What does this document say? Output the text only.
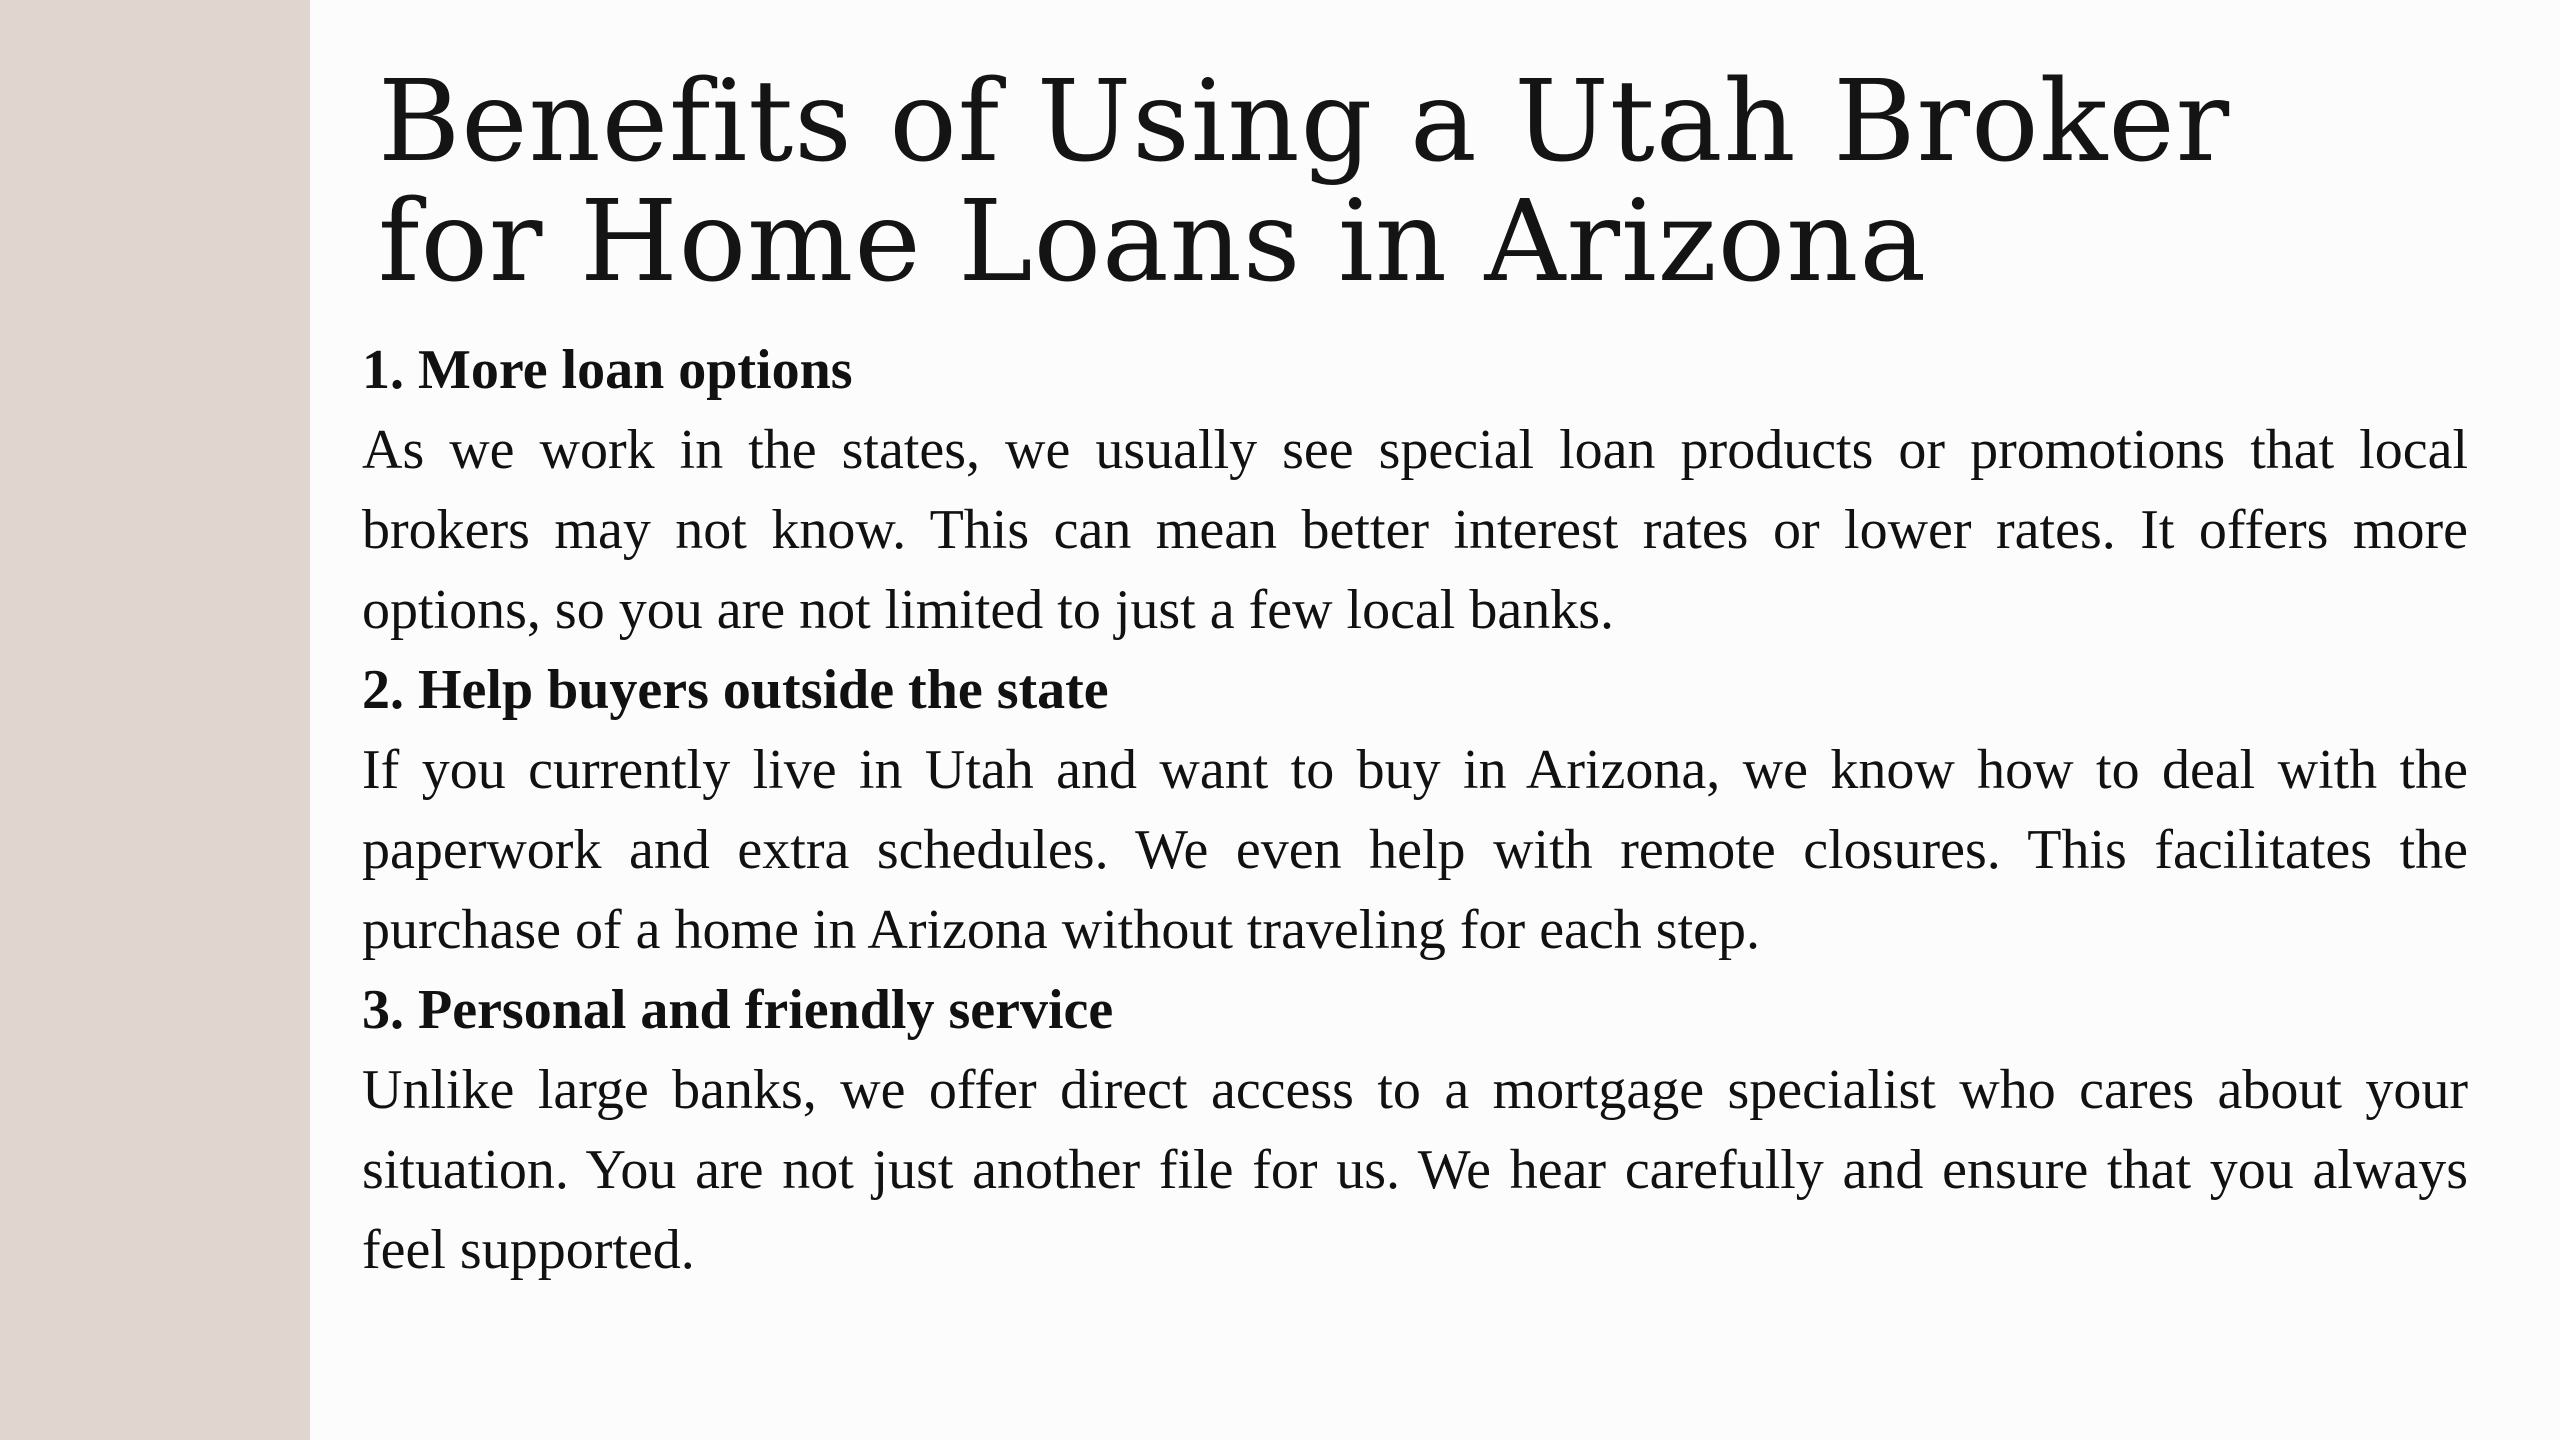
Benefits of Using a Utah Broker
for Home Loans in Arizona
1. More loan options

As we work in the states, we usually see special loan products or promotions that local brokers may not know. This can mean better interest rates or lower rates. It offers more options, so you are not limited to just a few local banks.

2. Help buyers outside the state

If you currently live in Utah and want to buy in Arizona, we know how to deal with the paperwork and extra schedules. We even help with remote closures. This facilitates the purchase of a home in Arizona without traveling for each step.

3. Personal and friendly service

Unlike large banks, we offer direct access to a mortgage specialist who cares about your situation. You are not just another file for us. We hear carefully and ensure that you always feel supported.
